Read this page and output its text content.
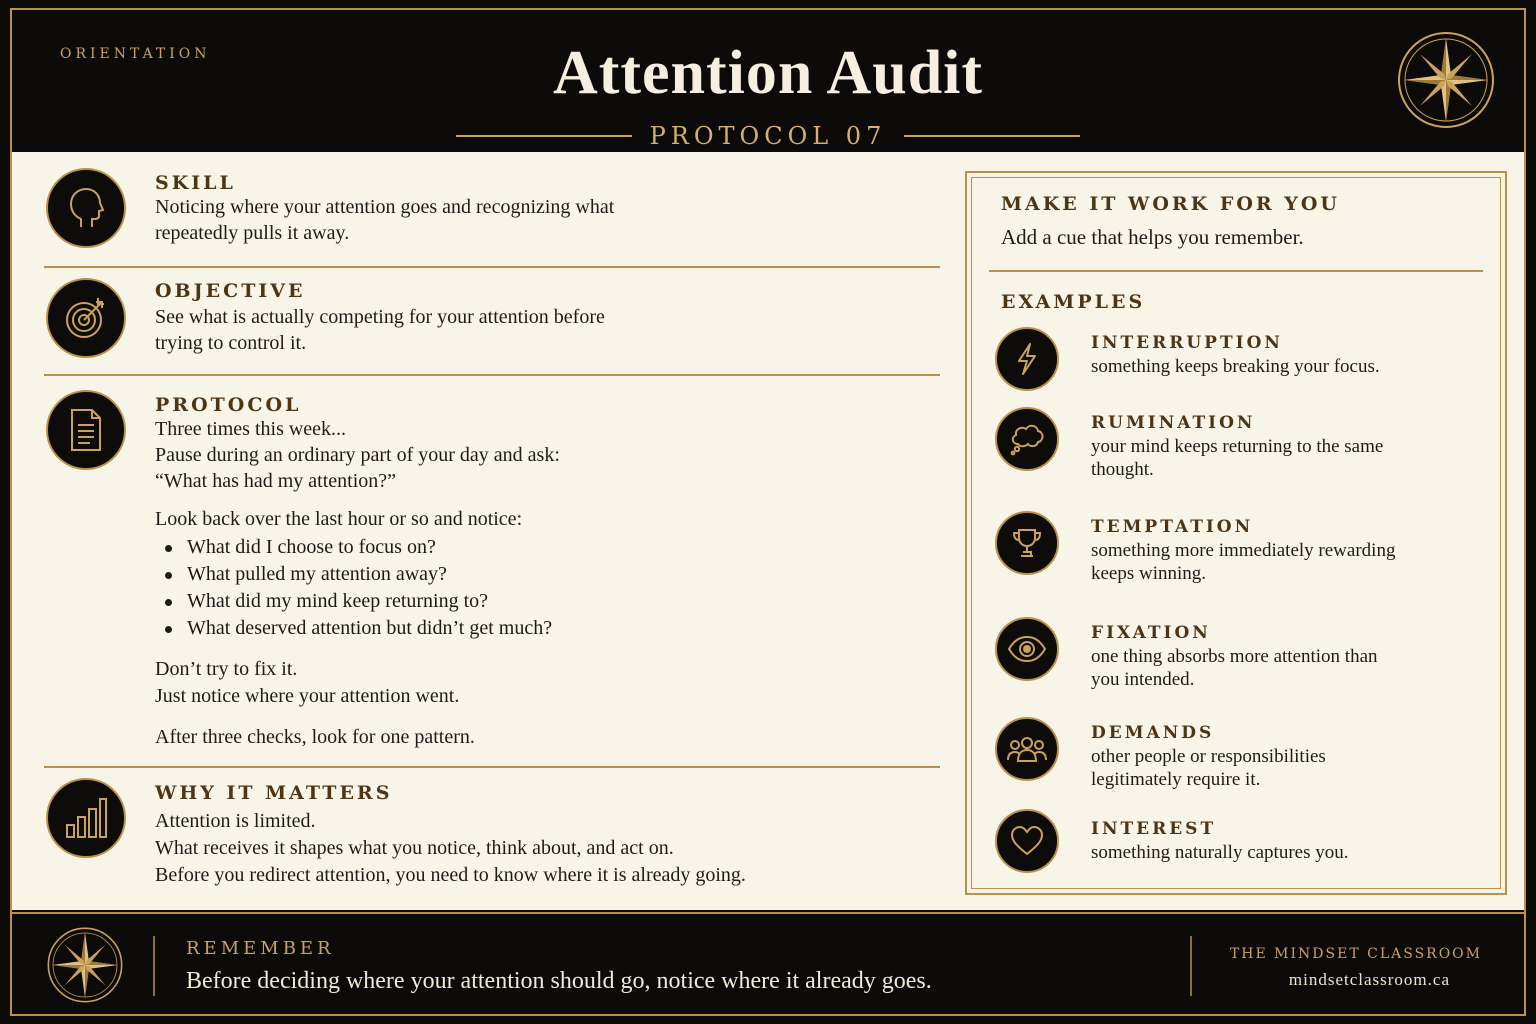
ORIENTATION	Attention Audit
PROTOCOL 07
SKILL
Noticing where your attention goes and recognizing what
repeatedly pulls it away.
OBJECTIVE
See what is actually competing for your attention before
trying to control it.
PROTOCOL
Three times this week...
Pause during an ordinary part of your day and ask:
“What has had my attention?”
Look back over the last hour or so and notice:
What did I choose to focus on?
What pulled my attention away?
What did my mind keep returning to?
What deserved attention but didn’t get much?
Don’t try to fix it.
Just notice where your attention went.
After three checks, look for one pattern.
WHY IT MATTERS
Attention is limited.
What receives it shapes what you notice, think about, and act on.
Before you redirect attention, you need to know where it is already going.
MAKE IT WORK FOR YOU
Add a cue that helps you remember.
EXAMPLES
INTERRUPTION
something keeps breaking your focus.
RUMINATION
your mind keeps returning to the same
thought.
TEMPTATION
something more immediately rewarding
keeps winning.
FIXATION
one thing absorbs more attention than
you intended.
DEMANDS
other people or responsibilities
legitimately require it.
INTEREST
something naturally captures you.
REMEMBER
Before deciding where your attention should go, notice where it already goes.
THE MINDSET CLASSROOM
mindsetclassroom.ca
